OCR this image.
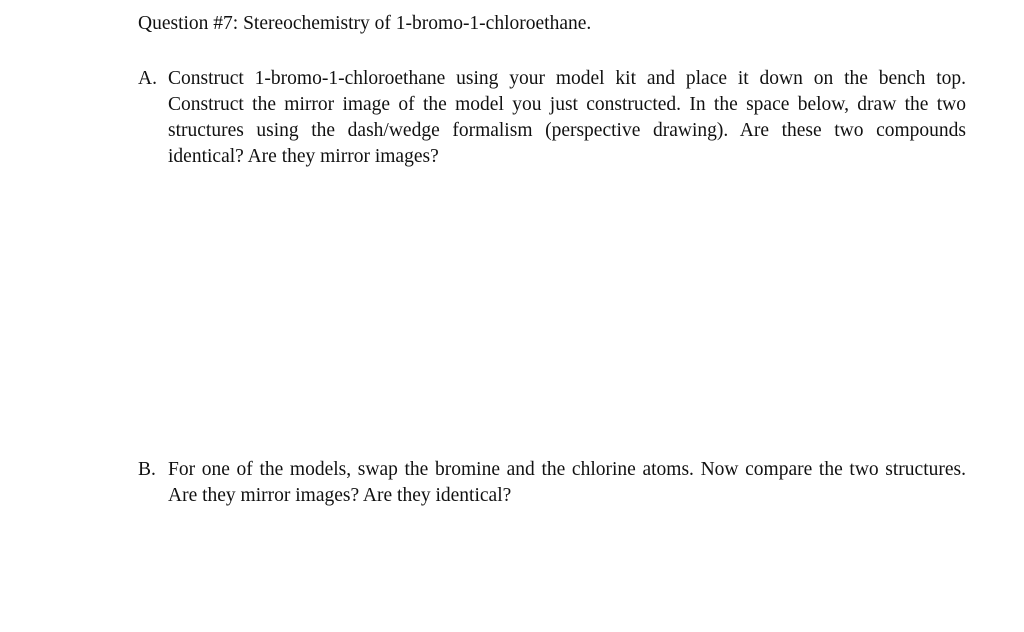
Question #7: Stereochemistry of 1-bromo-1-chloroethane.
A. Construct 1-bromo-1-chloroethane using your model kit and place it down on the bench top. Construct the mirror image of the model you just constructed. In the space below, draw the two structures using the dash/wedge formalism (perspective drawing). Are these two compounds identical? Are they mirror images?
B. For one of the models, swap the bromine and the chlorine atoms. Now compare the two structures. Are they mirror images? Are they identical?
